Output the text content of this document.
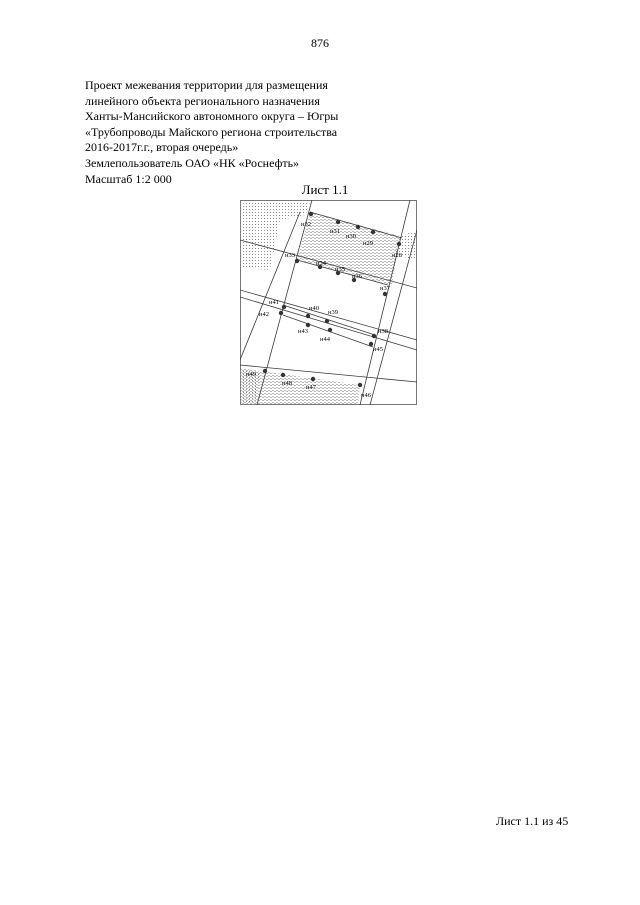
876
Проект межевания территории для размещения
линейного объекта регионального назначения
Ханты-Мансийского автономного округа – Югры
«Трубопроводы Майского региона строительства
2016-2017г.г., вторая очередь»
Землепользователь ОАО «НК «Роснефть»
Масштаб 1:2 000
Лист 1.1
н28
н29
н30
н31
н32
н33
н34
н35
н36
н37
н38
н39
н40
н41
н42
н43
н44
н45
н46
н47
н48
н49
Лист 1.1 из 45
